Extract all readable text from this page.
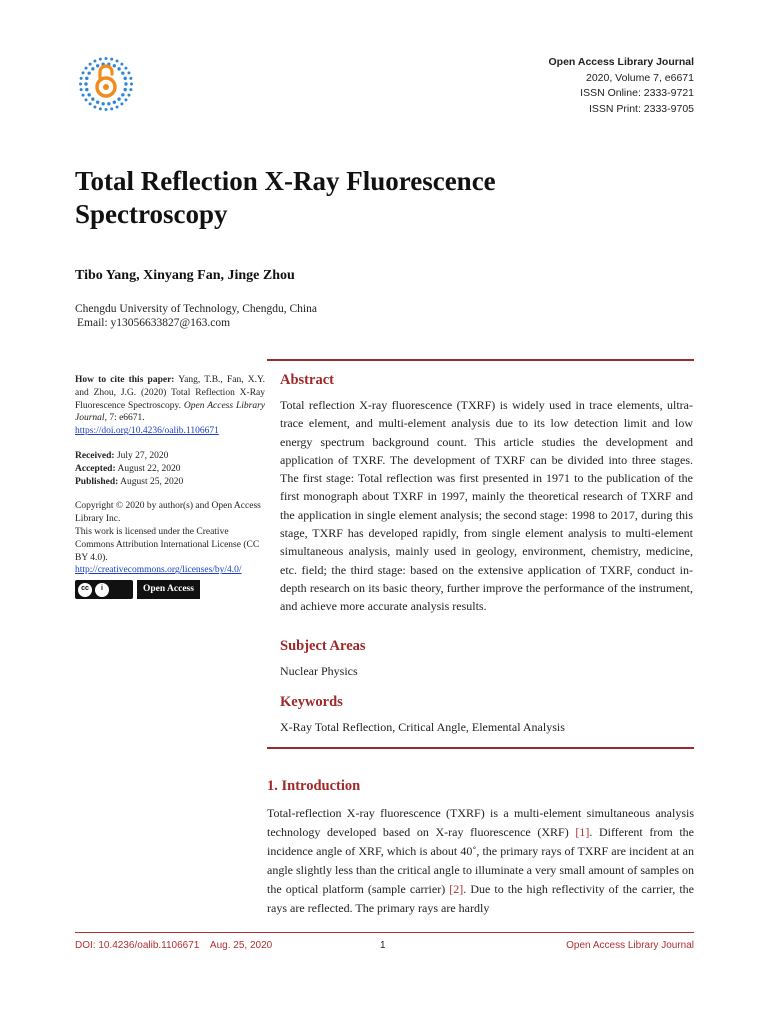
Open Access Library Journal
2020, Volume 7, e6671
ISSN Online: 2333-9721
ISSN Print: 2333-9705
Total Reflection X-Ray Fluorescence Spectroscopy
Tibo Yang, Xinyang Fan, Jinge Zhou
Chengdu University of Technology, Chengdu, China
Email: y13056633827@163.com
How to cite this paper: Yang, T.B., Fan, X.Y. and Zhou, J.G. (2020) Total Reflection X-Ray Fluorescence Spectroscopy. Open Access Library Journal, 7: e6671.
https://doi.org/10.4236/oalib.1106671
Received: July 27, 2020
Accepted: August 22, 2020
Published: August 25, 2020
Copyright © 2020 by author(s) and Open Access Library Inc.
This work is licensed under the Creative Commons Attribution International License (CC BY 4.0).
http://creativecommons.org/licenses/by/4.0/
cc	i	Open Access
Abstract

Total reflection X-ray fluorescence (TXRF) is widely used in trace elements, ultra-trace element, and multi-element analysis due to its low detection limit and low energy spectrum background count. This article studies the development and application of TXRF. The development of TXRF can be divided into three stages. The first stage: Total reflection was first presented in 1971 to the publication of the first monograph about TXRF in 1997, mainly the theoretical research of TXRF and the application in single element analysis; the second stage: 1998 to 2017, during this stage, TXRF has developed rapidly, from single element analysis to multi-element simultaneous analysis, mainly used in geology, environment, chemistry, medicine, etc. field; the third stage: based on the extensive application of TXRF, conduct in-depth research on its basic theory, further improve the performance of the instrument, and achieve more accurate analysis results.

Subject Areas

Nuclear Physics

Keywords

X-Ray Total Reflection, Critical Angle, Elemental Analysis

1. Introduction

Total-reflection X-ray fluorescence (TXRF) is a multi-element simultaneous analysis technology developed based on X-ray fluorescence (XRF) [1]. Different from the incidence angle of XRF, which is about 40˚, the primary rays of TXRF are incident at an angle slightly less than the critical angle to illuminate a very small amount of samples on the optical platform (sample carrier) [2]. Due to the high reflectivity of the carrier, the rays are reflected. The primary rays are hardly

DOI: 10.4236/oalib.1106671    Aug. 25, 2020	1	Open Access Library Journal
